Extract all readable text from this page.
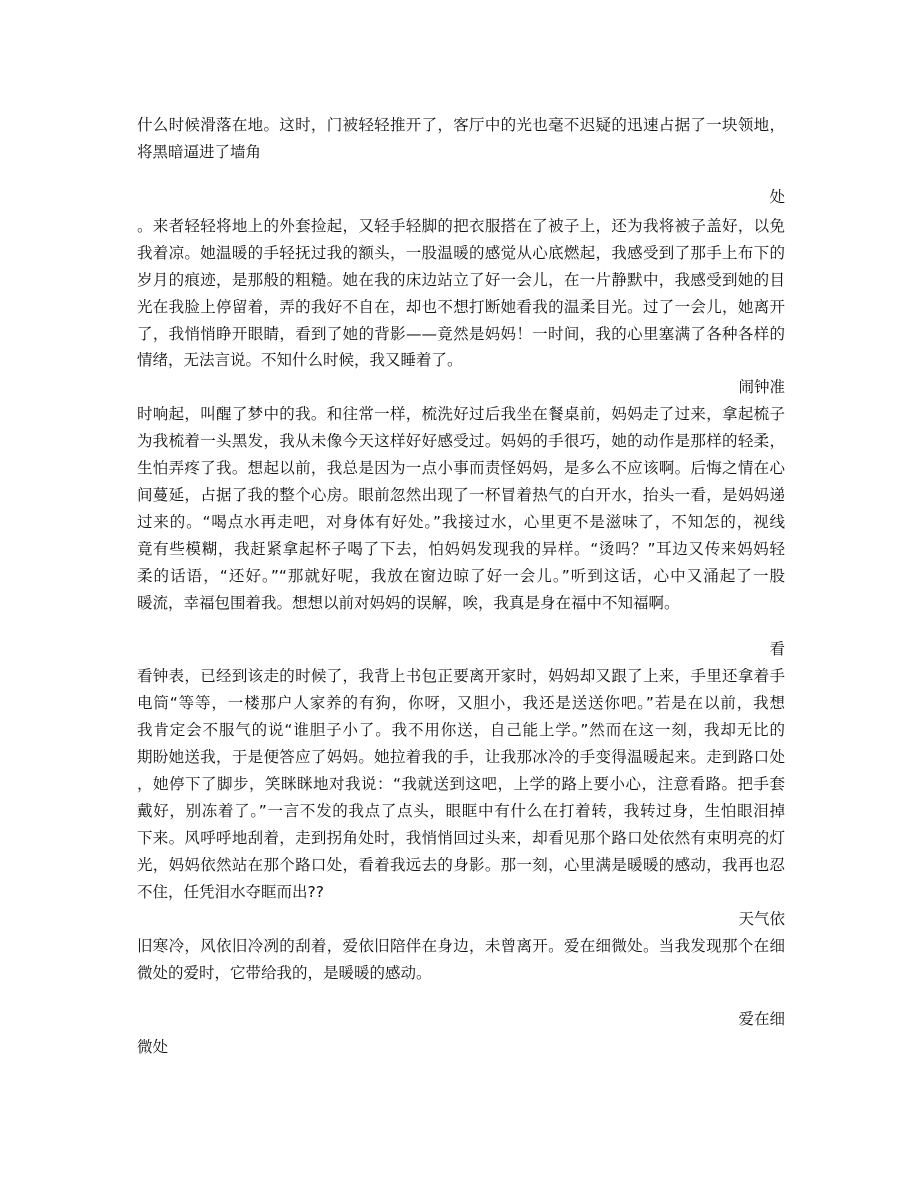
什么时候滑落在地。这时，门被轻轻推开了，客厅中的光也毫不迟疑的迅速占据了一块领地，
将黑暗逼进了墙角
处
。来者轻轻将地上的外套捡起，又轻手轻脚的把衣服搭在了被子上，还为我将被子盖好，以免
我着凉。她温暖的手轻抚过我的额头，一股温暖的感觉从心底燃起，我感受到了那手上布下的
岁月的痕迹，是那般的粗糙。她在我的床边站立了好一会儿，在一片静默中，我感受到她的目
光在我脸上停留着，弄的我好不自在，却也不想打断她看我的温柔目光。过了一会儿，她离开
了，我悄悄睁开眼睛，看到了她的背影——竟然是妈妈！一时间，我的心里塞满了各种各样的
情绪，无法言说。不知什么时候，我又睡着了。
闹钟准
时响起，叫醒了梦中的我。和往常一样，梳洗好过后我坐在餐桌前，妈妈走了过来，拿起梳子
为我梳着一头黑发，我从未像今天这样好好感受过。妈妈的手很巧，她的动作是那样的轻柔，
生怕弄疼了我。想起以前，我总是因为一点小事而责怪妈妈，是多么不应该啊。后悔之情在心
间蔓延，占据了我的整个心房。眼前忽然出现了一杯冒着热气的白开水，抬头一看，是妈妈递
过来的。“喝点水再走吧，对身体有好处。”我接过水，心里更不是滋味了，不知怎的，视线
竟有些模糊，我赶紧拿起杯子喝了下去，怕妈妈发现我的异样。“烫吗？”耳边又传来妈妈轻
柔的话语，“还好。”“那就好呢，我放在窗边晾了好一会儿。”听到这话，心中又涌起了一股
暖流，幸福包围着我。想想以前对妈妈的误解，唉，我真是身在福中不知福啊。
看
看钟表，已经到该走的时候了，我背上书包正要离开家时，妈妈却又跟了上来，手里还拿着手
电筒“等等，一楼那户人家养的有狗，你呀，又胆小，我还是送送你吧。”若是在以前，我想
我肯定会不服气的说“谁胆子小了。我不用你送，自己能上学。”然而在这一刻，我却无比的
期盼她送我，于是便答应了妈妈。她拉着我的手，让我那冰冷的手变得温暖起来。走到路口处
，她停下了脚步，笑眯眯地对我说：“我就送到这吧，上学的路上要小心，注意看路。把手套
戴好，别冻着了。”一言不发的我点了点头，眼眶中有什么在打着转，我转过身，生怕眼泪掉
下来。风呼呼地刮着，走到拐角处时，我悄悄回过头来，却看见那个路口处依然有束明亮的灯
光，妈妈依然站在那个路口处，看着我远去的身影。那一刻，心里满是暖暖的感动，我再也忍
不住，任凭泪水夺眶而出??
天气依
旧寒冷，风依旧冷冽的刮着，爱依旧陪伴在身边，未曾离开。爱在细微处。当我发现那个在细
微处的爱时，它带给我的，是暖暖的感动。
爱在细
微处
